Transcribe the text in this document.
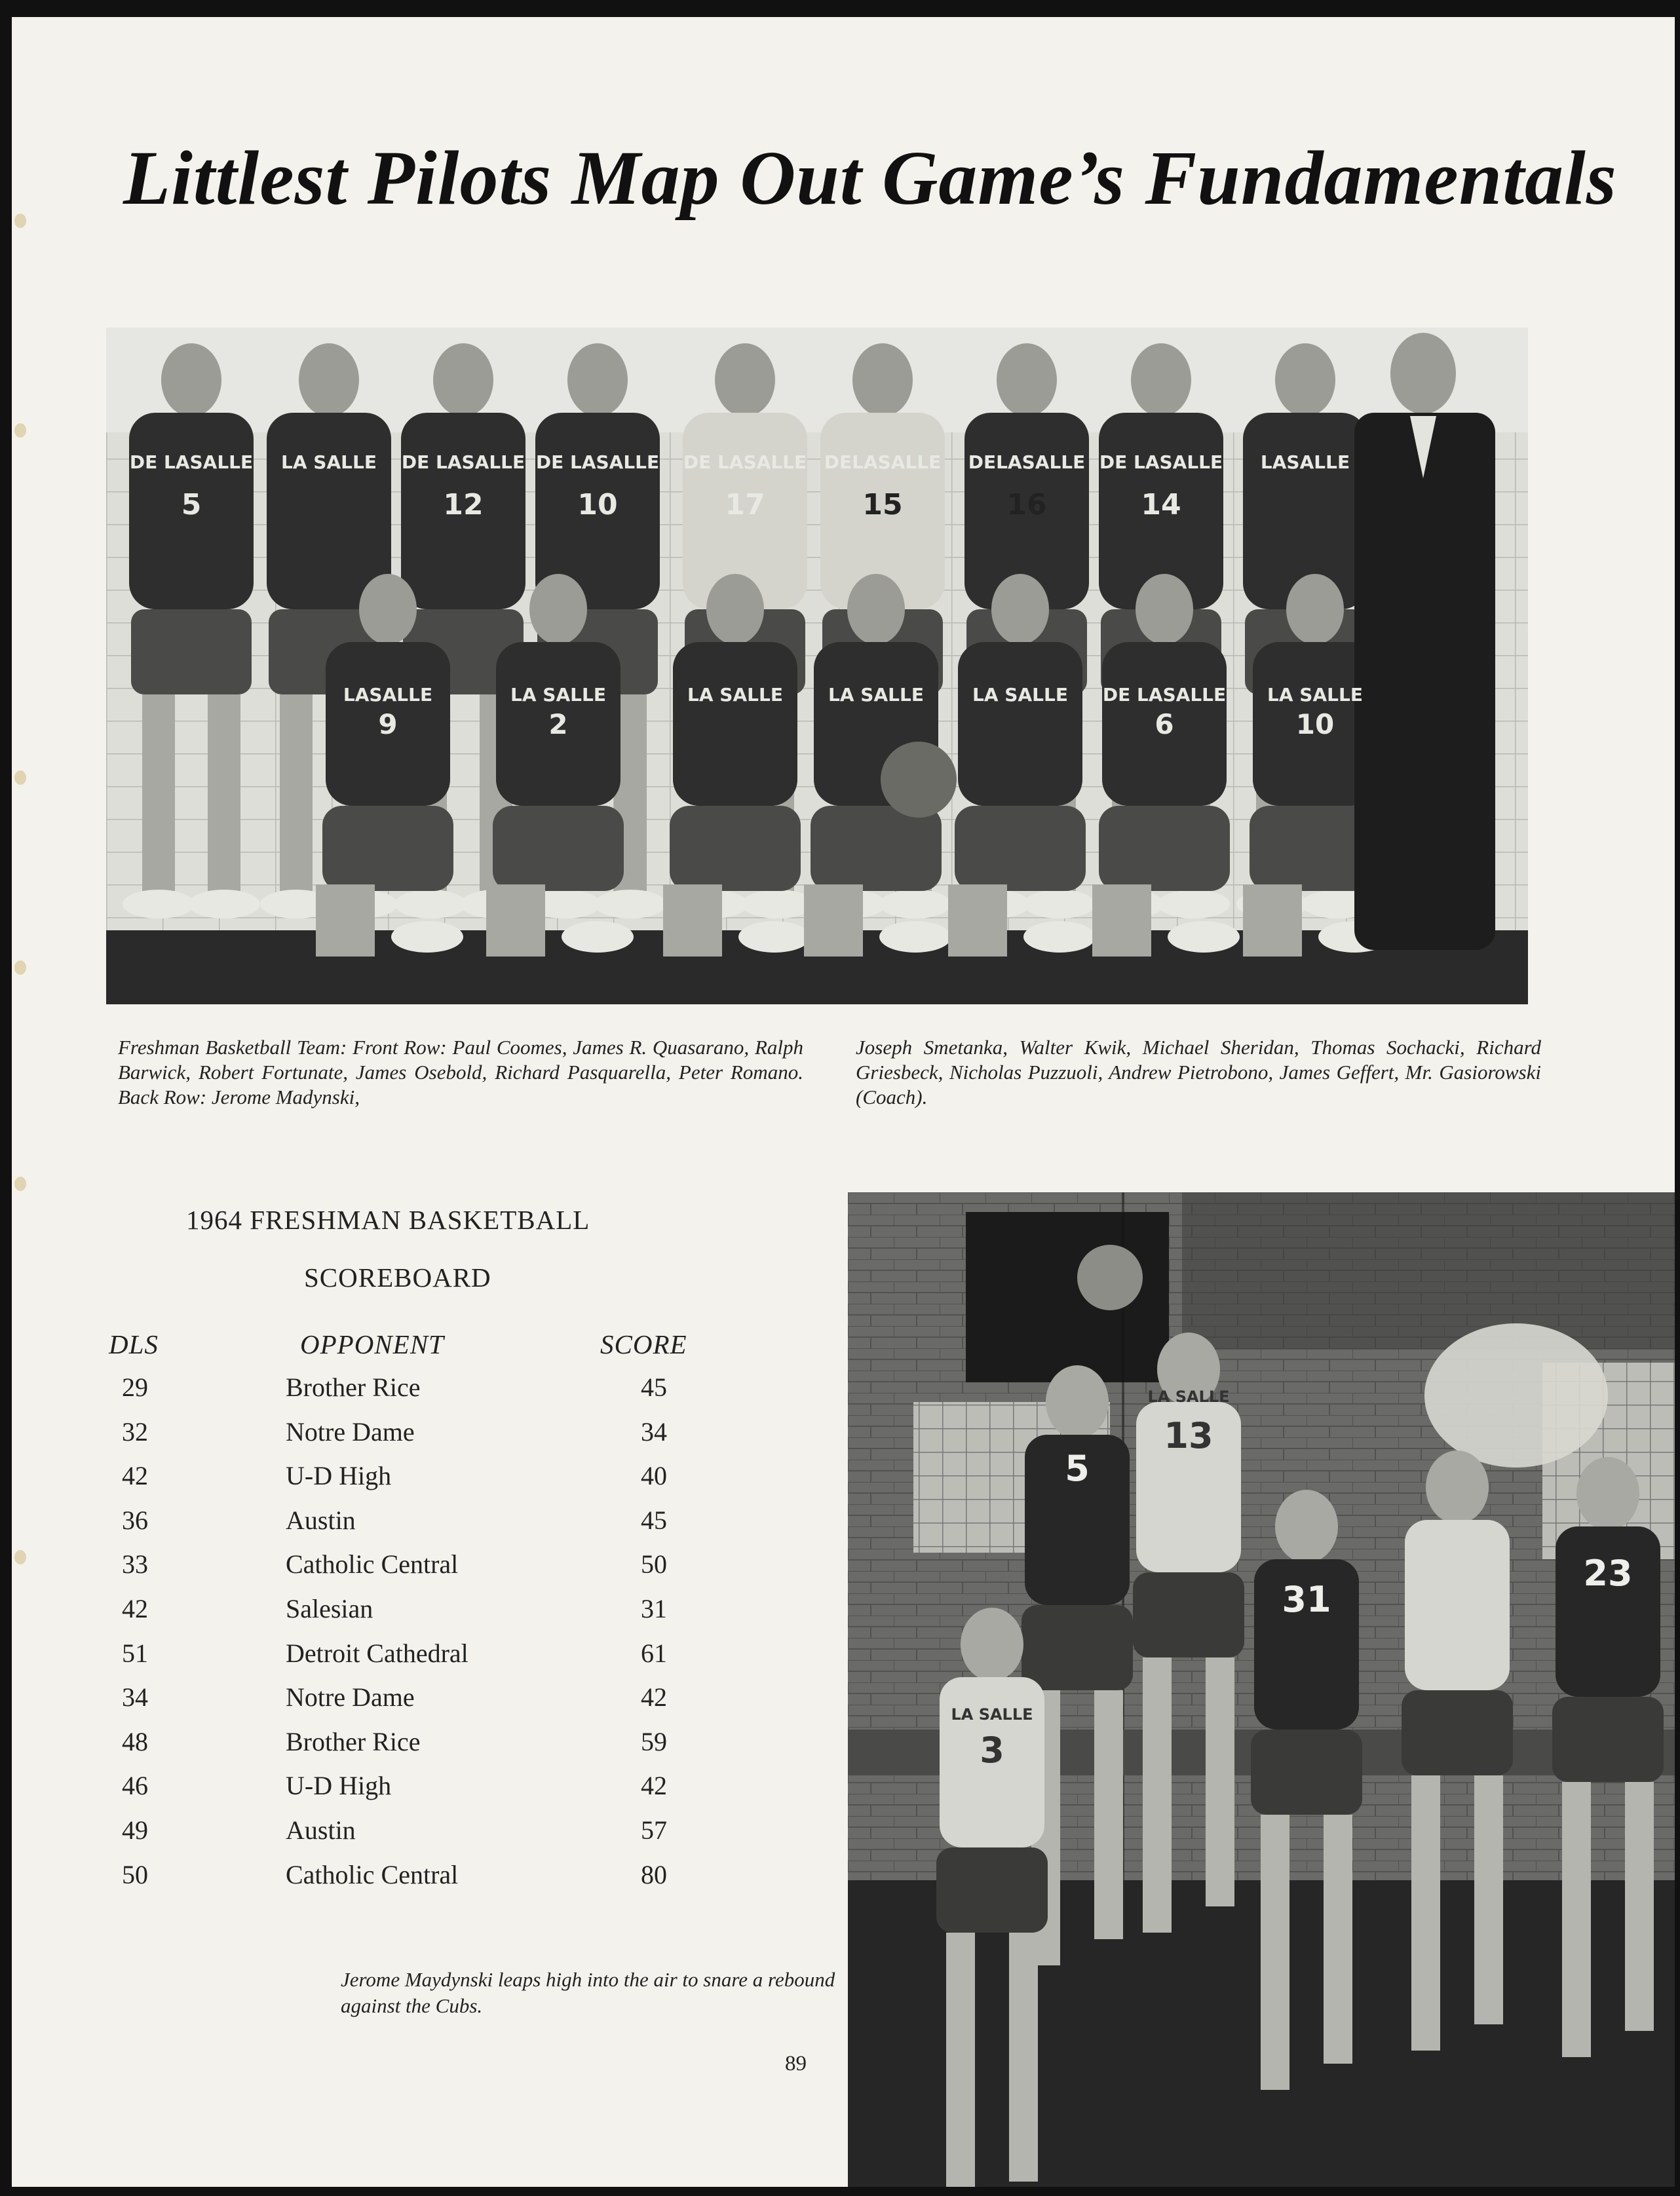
Littlest Pilots Map Out Game’s Fundamentals
DE LASALLE LA SALLE DE LASALLE DE LASALLE DE LASALLE DELASALLE DELASALLE DE LASALLE LASALLE
5	12	10	17	15	16	14
LASALLE	LA SALLE	LA SALLE LA SALLE	LA SALLE DE LASALLE LA SALLE
9	2	6	10
Freshman Basketball Team: Front Row: Paul Coomes, James R. Quasarano, Ralph Barwick, Robert Fortunate, James Osebold, Richard Pasquarella, Peter Romano. Back Row: Jerome Madynski,
Joseph Smetanka, Walter Kwik, Michael Sheridan, Thomas Sochacki, Richard Griesbeck, Nicholas Puzzuoli, Andrew Pietrobono, James Geffert, Mr. Gasiorowski (Coach).
1964 FRESHMAN BASKETBALL
SCOREBOARD
DLS	OPPONENT	SCORE
29	Brother Rice	45
32	Notre Dame	34
42	U-D High	40
36	Austin	45
33	Catholic Central	50
42	Salesian	31
51	Detroit Cathedral	61
34	Notre Dame	42
48	Brother Rice	59
46	U-D High	42
49	Austin	57
50	Catholic Central	80
Jerome Maydynski leaps high into the air to snare a rebound against the Cubs.
89
5
13
31
23
3
LA SALLE
LA SALLE
